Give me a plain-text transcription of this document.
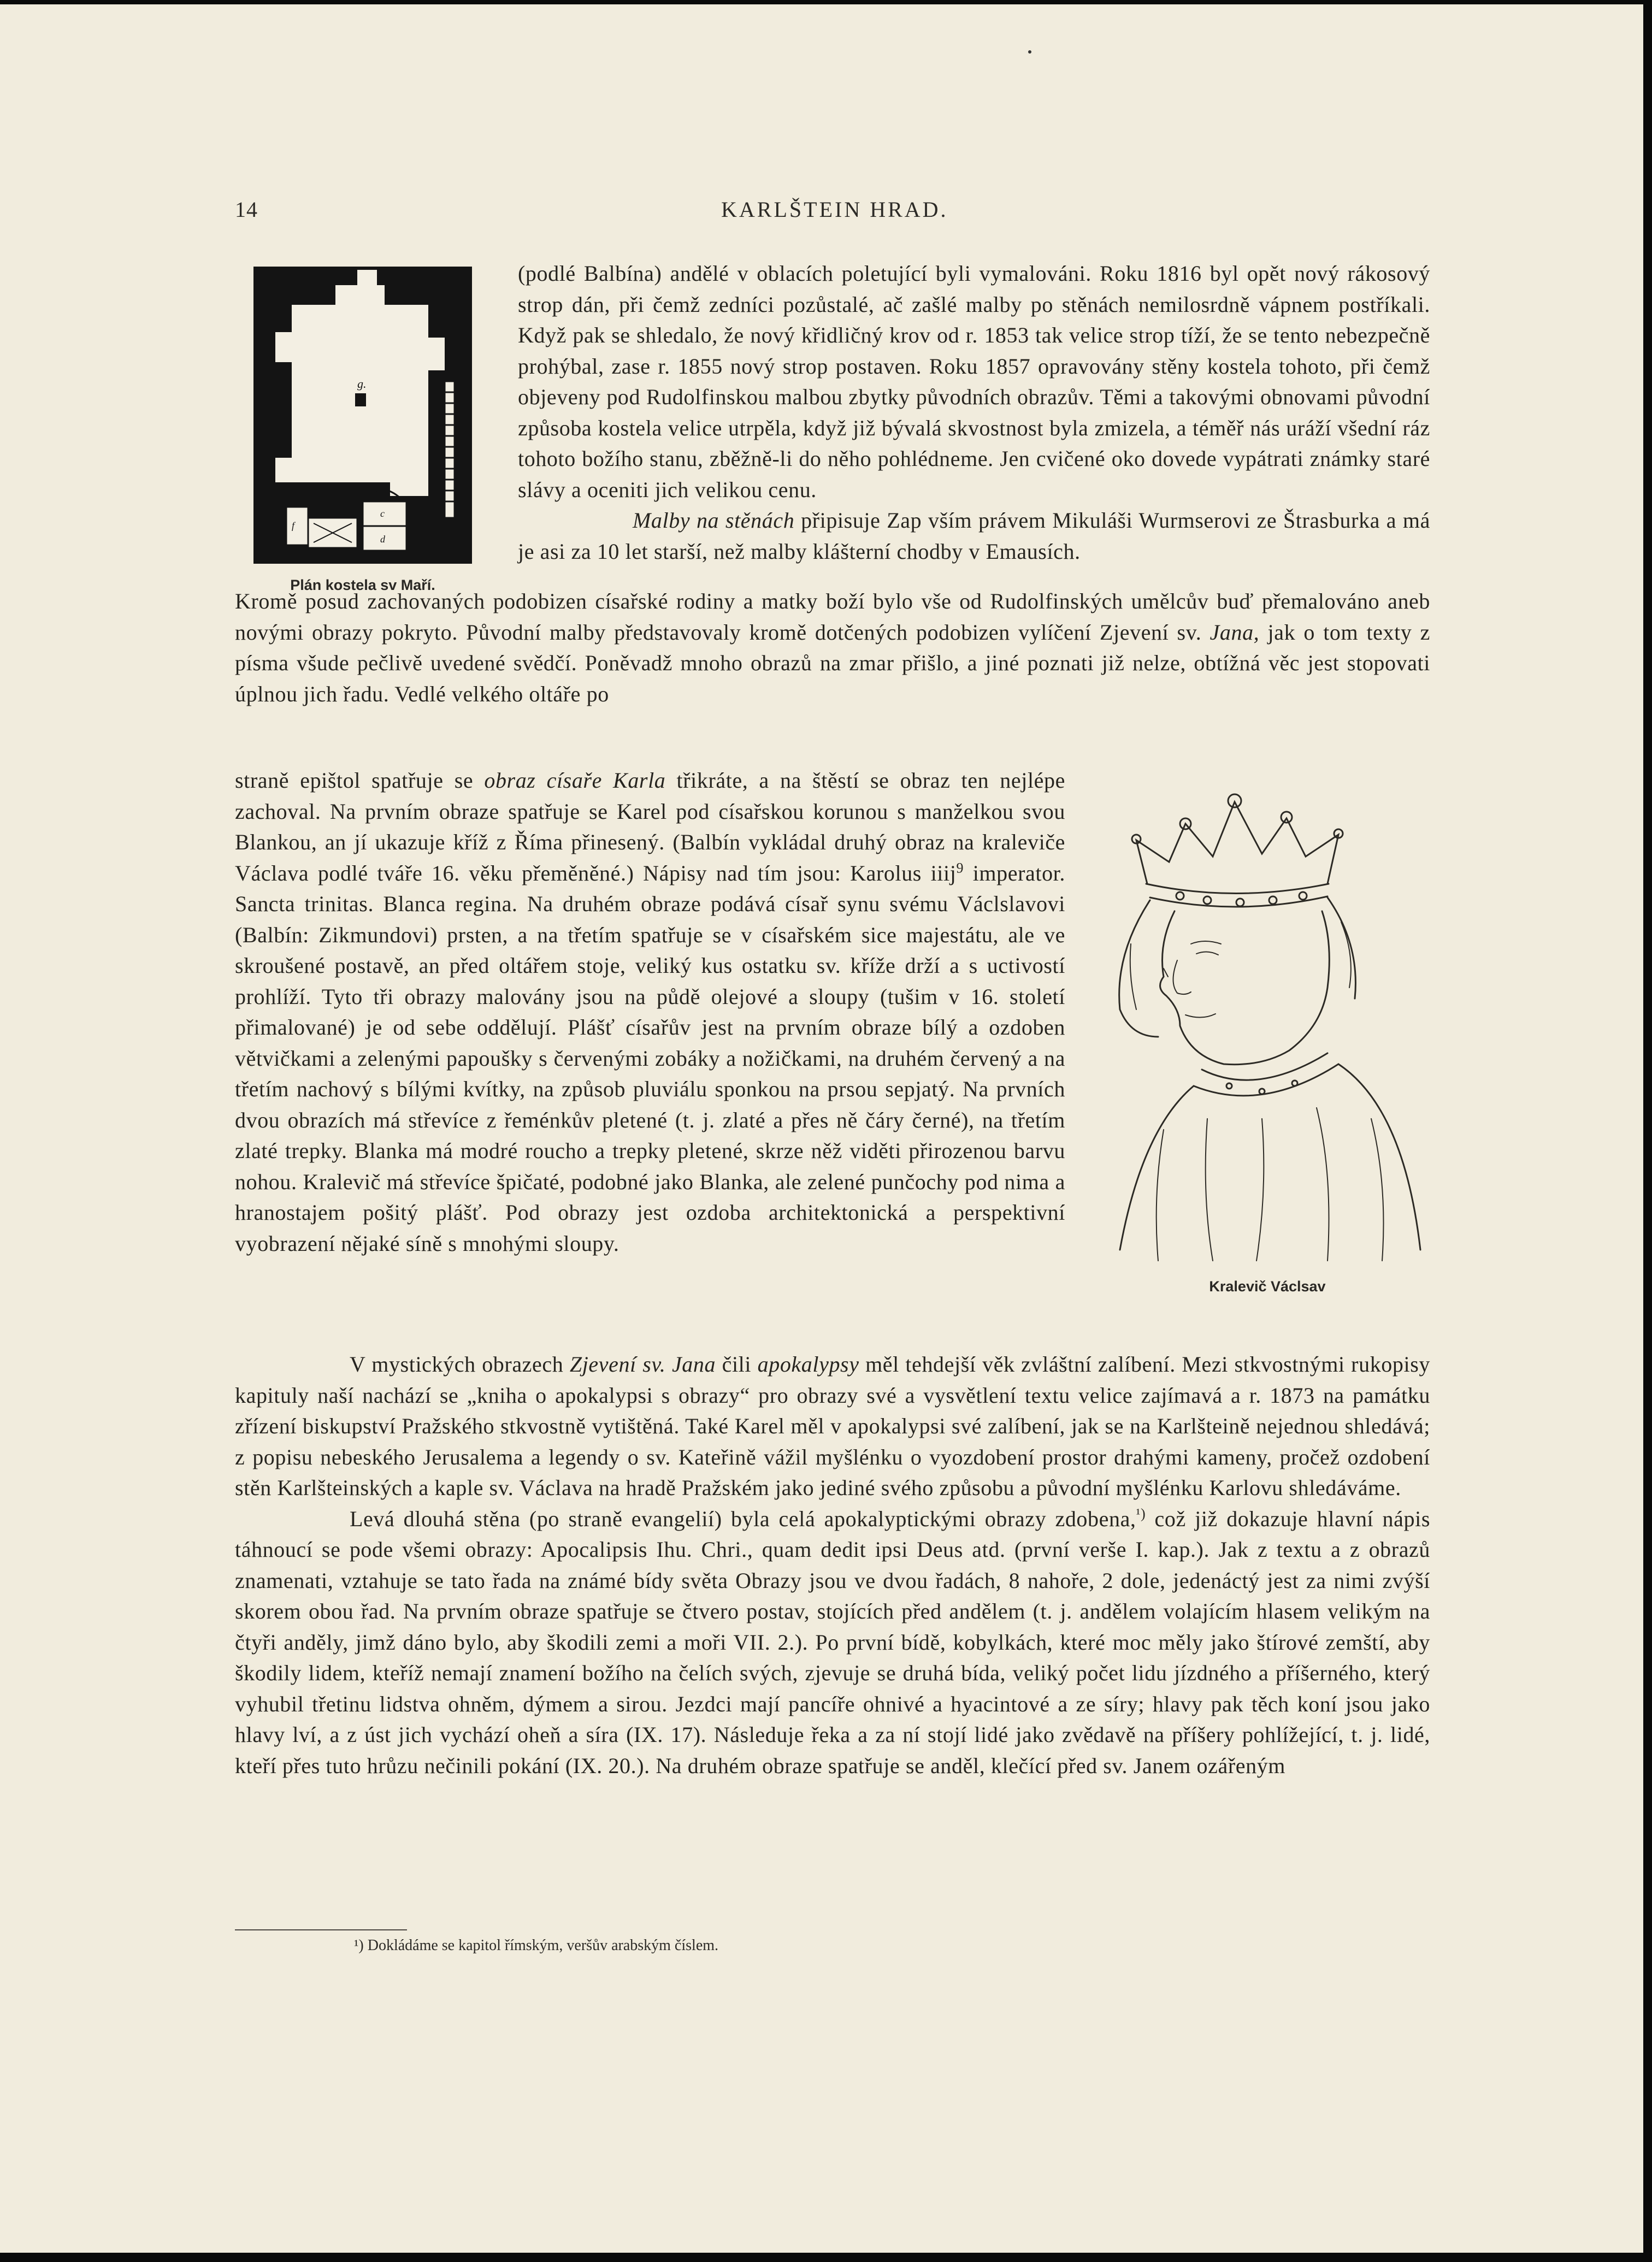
14	KARLŠTEIN HRAD.
g.
a
c
d
e
f
Plán kostela sv Maří.
Kralevič Václsav

(podlé Balbína) andělé v oblacích poletující byli vymalováni. Roku 1816 byl opět nový rákosový strop dán, při čemž zedníci pozůstalé, ač zašlé malby po stěnách nemilosrdně vápnem postříkali. Když pak se shledalo, že nový křidličný krov od r. 1853 tak velice strop tíží, že se tento nebezpečně prohýbal, zase r. 1855 nový strop postaven. Roku 1857 opravovány stěny kostela tohoto, při čemž objeveny pod Rudolfinskou malbou zbytky původních obrazův. Těmi a takovými obnovami původní způsoba kostela velice utrpěla, když již bývalá skvostnost byla zmizela, a téměř nás uráží všední ráz tohoto božího stanu, zběžně-li do něho pohlédneme. Jen cvičené oko dovede vypátrati známky staré slávy a oceniti jich velikou cenu.

Malby na stěnách připisuje Zap vším právem Mikuláši Wurmserovi ze Štrasburka a má je asi za 10 let starší, než malby klášterní chodby v Emausích.

Kromě posud zachovaných podobizen císařské rodiny a matky boží bylo vše od Rudolfinských umělcův buď přemalováno aneb novými obrazy pokryto. Původní malby představovaly kromě dotčených podobizen vylíčení Zjevení sv. Jana, jak o tom texty z písma všude pečlivě uvedené svědčí. Poněvadž mnoho obrazů na zmar přišlo, a jiné poznati již nelze, obtížná věc jest stopovati úplnou jich řadu. Vedlé velkého oltáře po

straně epištol spatřuje se obraz císaře Karla třikráte, a na štěstí se obraz ten nejlépe zachoval. Na prvním obraze spatřuje se Karel pod císařskou korunou s manželkou svou Blankou, an jí ukazuje kříž z Říma přinesený. (Balbín vykládal druhý obraz na kraleviče Václava podlé tváře 16. věku přeměněné.) Nápisy nad tím jsou: Karolus iiij$^9$ imperator. Sancta trinitas. Blanca regina. Na druhém obraze podává císař synu svému Václslavovi (Balbín: Zikmundovi) prsten, a na třetím spatřuje se v císařském sice majestátu, ale ve skroušené postavě, an před oltářem stoje, veliký kus ostatku sv. kříže drží a s uctivostí prohlíží. Tyto tři obrazy malovány jsou na půdě olejové a sloupy (tušim v 16. století přimalované) je od sebe oddělují. Plášť císařův jest na prvním obraze bílý a ozdoben větvičkami a zelenými papoušky s červenými zobáky a nožičkami, na druhém červený a na třetím nachový s bílými kvítky, na způsob pluviálu sponkou na prsou sepjatý. Na prvních dvou obrazích má střevíce z řeménkův pletené (t. j. zlaté a přes ně čáry černé), na třetím zlaté trepky. Blanka má modré roucho a trepky pletené, skrze něž viděti přirozenou barvu nohou. Kralevič má střevíce špičaté, podobné jako Blanka, ale zelené punčochy pod nima a hranostajem pošitý plášť. Pod obrazy jest ozdoba architektonická a perspektivní vyobrazení nějaké síně s mnohými sloupy.

V mystických obrazech Zjevení sv. Jana čili apokalypsy měl tehdejší věk zvláštní zalíbení. Mezi stkvostnými rukopisy kapituly naší nachází se „kniha o apokalypsi s obrazy“ pro obrazy své a vysvětlení textu velice zajímavá a r. 1873 na památku zřízení biskupství Pražského stkvostně vytištěná. Také Karel měl v apokalypsi své zalíbení, jak se na Karlšteině nejednou shledává; z popisu nebeského Jerusalema a legendy o sv. Kateřině vážil myšlénku o vyozdobení prostor drahými kameny, pročež ozdobení stěn Karlšteinských a kaple sv. Václava na hradě Pražském jako jediné svého způsobu a původní myšlénku Karlovu shledáváme.

Levá dlouhá stěna (po straně evangelií) byla celá apokalyptickými obrazy zdobena,$^{^1)}$ což již dokazuje hlavní nápis táhnoucí se pode všemi obrazy: Apocalipsis Ihu. Chri., quam dedit ipsi Deus atd. (první verše I. kap.). Jak z textu a z obrazů znamenati, vztahuje se tato řada na známé bídy světa Obrazy jsou ve dvou řadách, 8 nahoře, 2 dole, jedenáctý jest za nimi zvýší skorem obou řad. Na prvním obraze spatřuje se čtvero postav, stojících před andělem (t. j. andělem volajícím hlasem velikým na čtyři anděly, jimž dáno bylo, aby škodili zemi a moři VII. 2.). Po první bídě, kobylkách, které moc měly jako štírové zemští, aby škodily lidem, kteříž nemají znamení božího na čelích svých, zjevuje se druhá bída, veliký počet lidu jízdného a příšerného, který vyhubil třetinu lidstva ohněm, dýmem a sirou. Jezdci mají pancíře ohnivé a hyacintové a ze síry; hlavy pak těch koní jsou jako hlavy lví, a z úst jich vychází oheň a síra (IX. 17). Následuje řeka a za ní stojí lidé jako zvědavě na příšery pohlížející, t. j. lidé, kteří přes tuto hrůzu nečinili pokání (IX. 20.). Na druhém obraze spatřuje se anděl, klečící před sv. Janem ozářeným

¹) Dokládáme se kapitol římským, veršův arabským číslem.
